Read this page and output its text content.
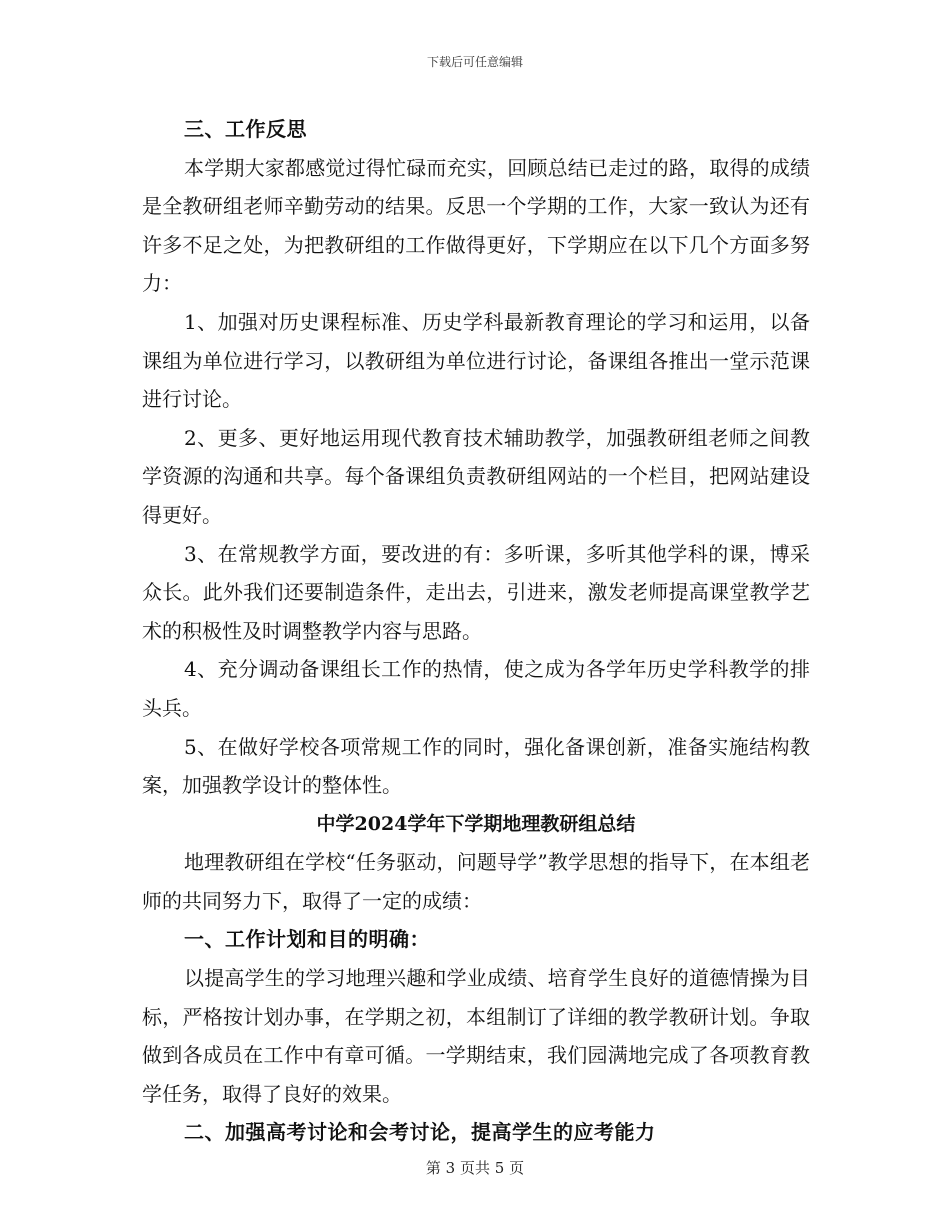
下载后可任意编辑

三、工作反思

本学期大家都感觉过得忙碌而充实，回顾总结已走过的路，取得的成绩是全教研组老师辛勤劳动的结果。反思一个学期的工作，大家一致认为还有许多不足之处，为把教研组的工作做得更好，下学期应在以下几个方面多努力：

1、加强对历史课程标准、历史学科最新教育理论的学习和运用，以备课组为单位进行学习，以教研组为单位进行讨论，备课组各推出一堂示范课进行讨论。

2、更多、更好地运用现代教育技术辅助教学，加强教研组老师之间教学资源的沟通和共享。每个备课组负责教研组网站的一个栏目，把网站建设得更好。

3、在常规教学方面，要改进的有：多听课，多听其他学科的课，博采众长。此外我们还要制造条件，走出去，引进来，激发老师提高课堂教学艺术的积极性及时调整教学内容与思路。

4、充分调动备课组长工作的热情，使之成为各学年历史学科教学的排头兵。

5、在做好学校各项常规工作的同时，强化备课创新，准备实施结构教案，加强教学设计的整体性。

中学2024学年下学期地理教研组总结

地理教研组在学校“任务驱动，问题导学”教学思想的指导下，在本组老师的共同努力下，取得了一定的成绩：

一、工作计划和目的明确：

以提高学生的学习地理兴趣和学业成绩、培育学生良好的道德情操为目标，严格按计划办事，在学期之初，本组制订了详细的教学教研计划。争取做到各成员在工作中有章可循。一学期结束，我们园满地完成了各项教育教学任务，取得了良好的效果。

二、加强高考讨论和会考讨论，提高学生的应考能力

第 3 页共 5 页
